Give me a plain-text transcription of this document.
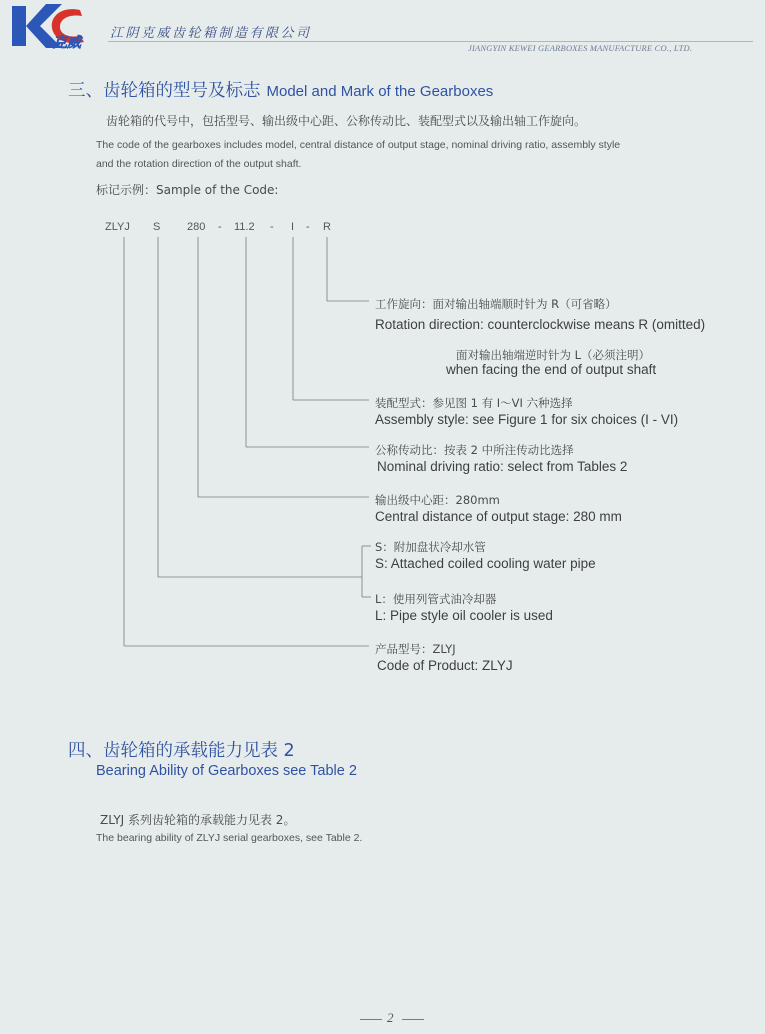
克威
江阴克威齿轮箱制造有限公司
JIANGYIN KEWEI GEARBOXES MANUFACTURE CO., LTD.
三、齿轮箱的型号及标志 Model and Mark of the Gearboxes
齿轮箱的代号中，包括型号、输出级中心距、公称传动比、装配型式以及输出轴工作旋向。
The code of the gearboxes includes model, central distance of output stage, nominal driving ratio, assembly style
and the rotation direction of the output shaft.
标记示例：Sample of the Code:
ZLYJ S 280 - 11.2 - I - R
工作旋向：面对输出轴端顺时针为 R（可省略）
Rotation direction: counterclockwise means R (omitted)
面对输出轴端逆时针为 L（必须注明）
when facing the end of output shaft
装配型式：参见图 1 有 I～VI 六种选择
Assembly style: see Figure 1 for six choices (I - VI)
公称传动比：按表 2 中所注传动比选择
Nominal driving ratio: select from Tables 2
输出级中心距：280mm
Central distance of output stage: 280 mm
S：附加盘状冷却水管
S: Attached coiled cooling water pipe
L：使用列管式油冷却器
L: Pipe style oil cooler is used
产品型号：ZLYJ
Code of Product: ZLYJ
四、齿轮箱的承载能力见表 2
Bearing Ability of Gearboxes see Table 2
ZLYJ 系列齿轮箱的承载能力见表 2。
The bearing ability of ZLYJ serial gearboxes, see Table 2.
2
